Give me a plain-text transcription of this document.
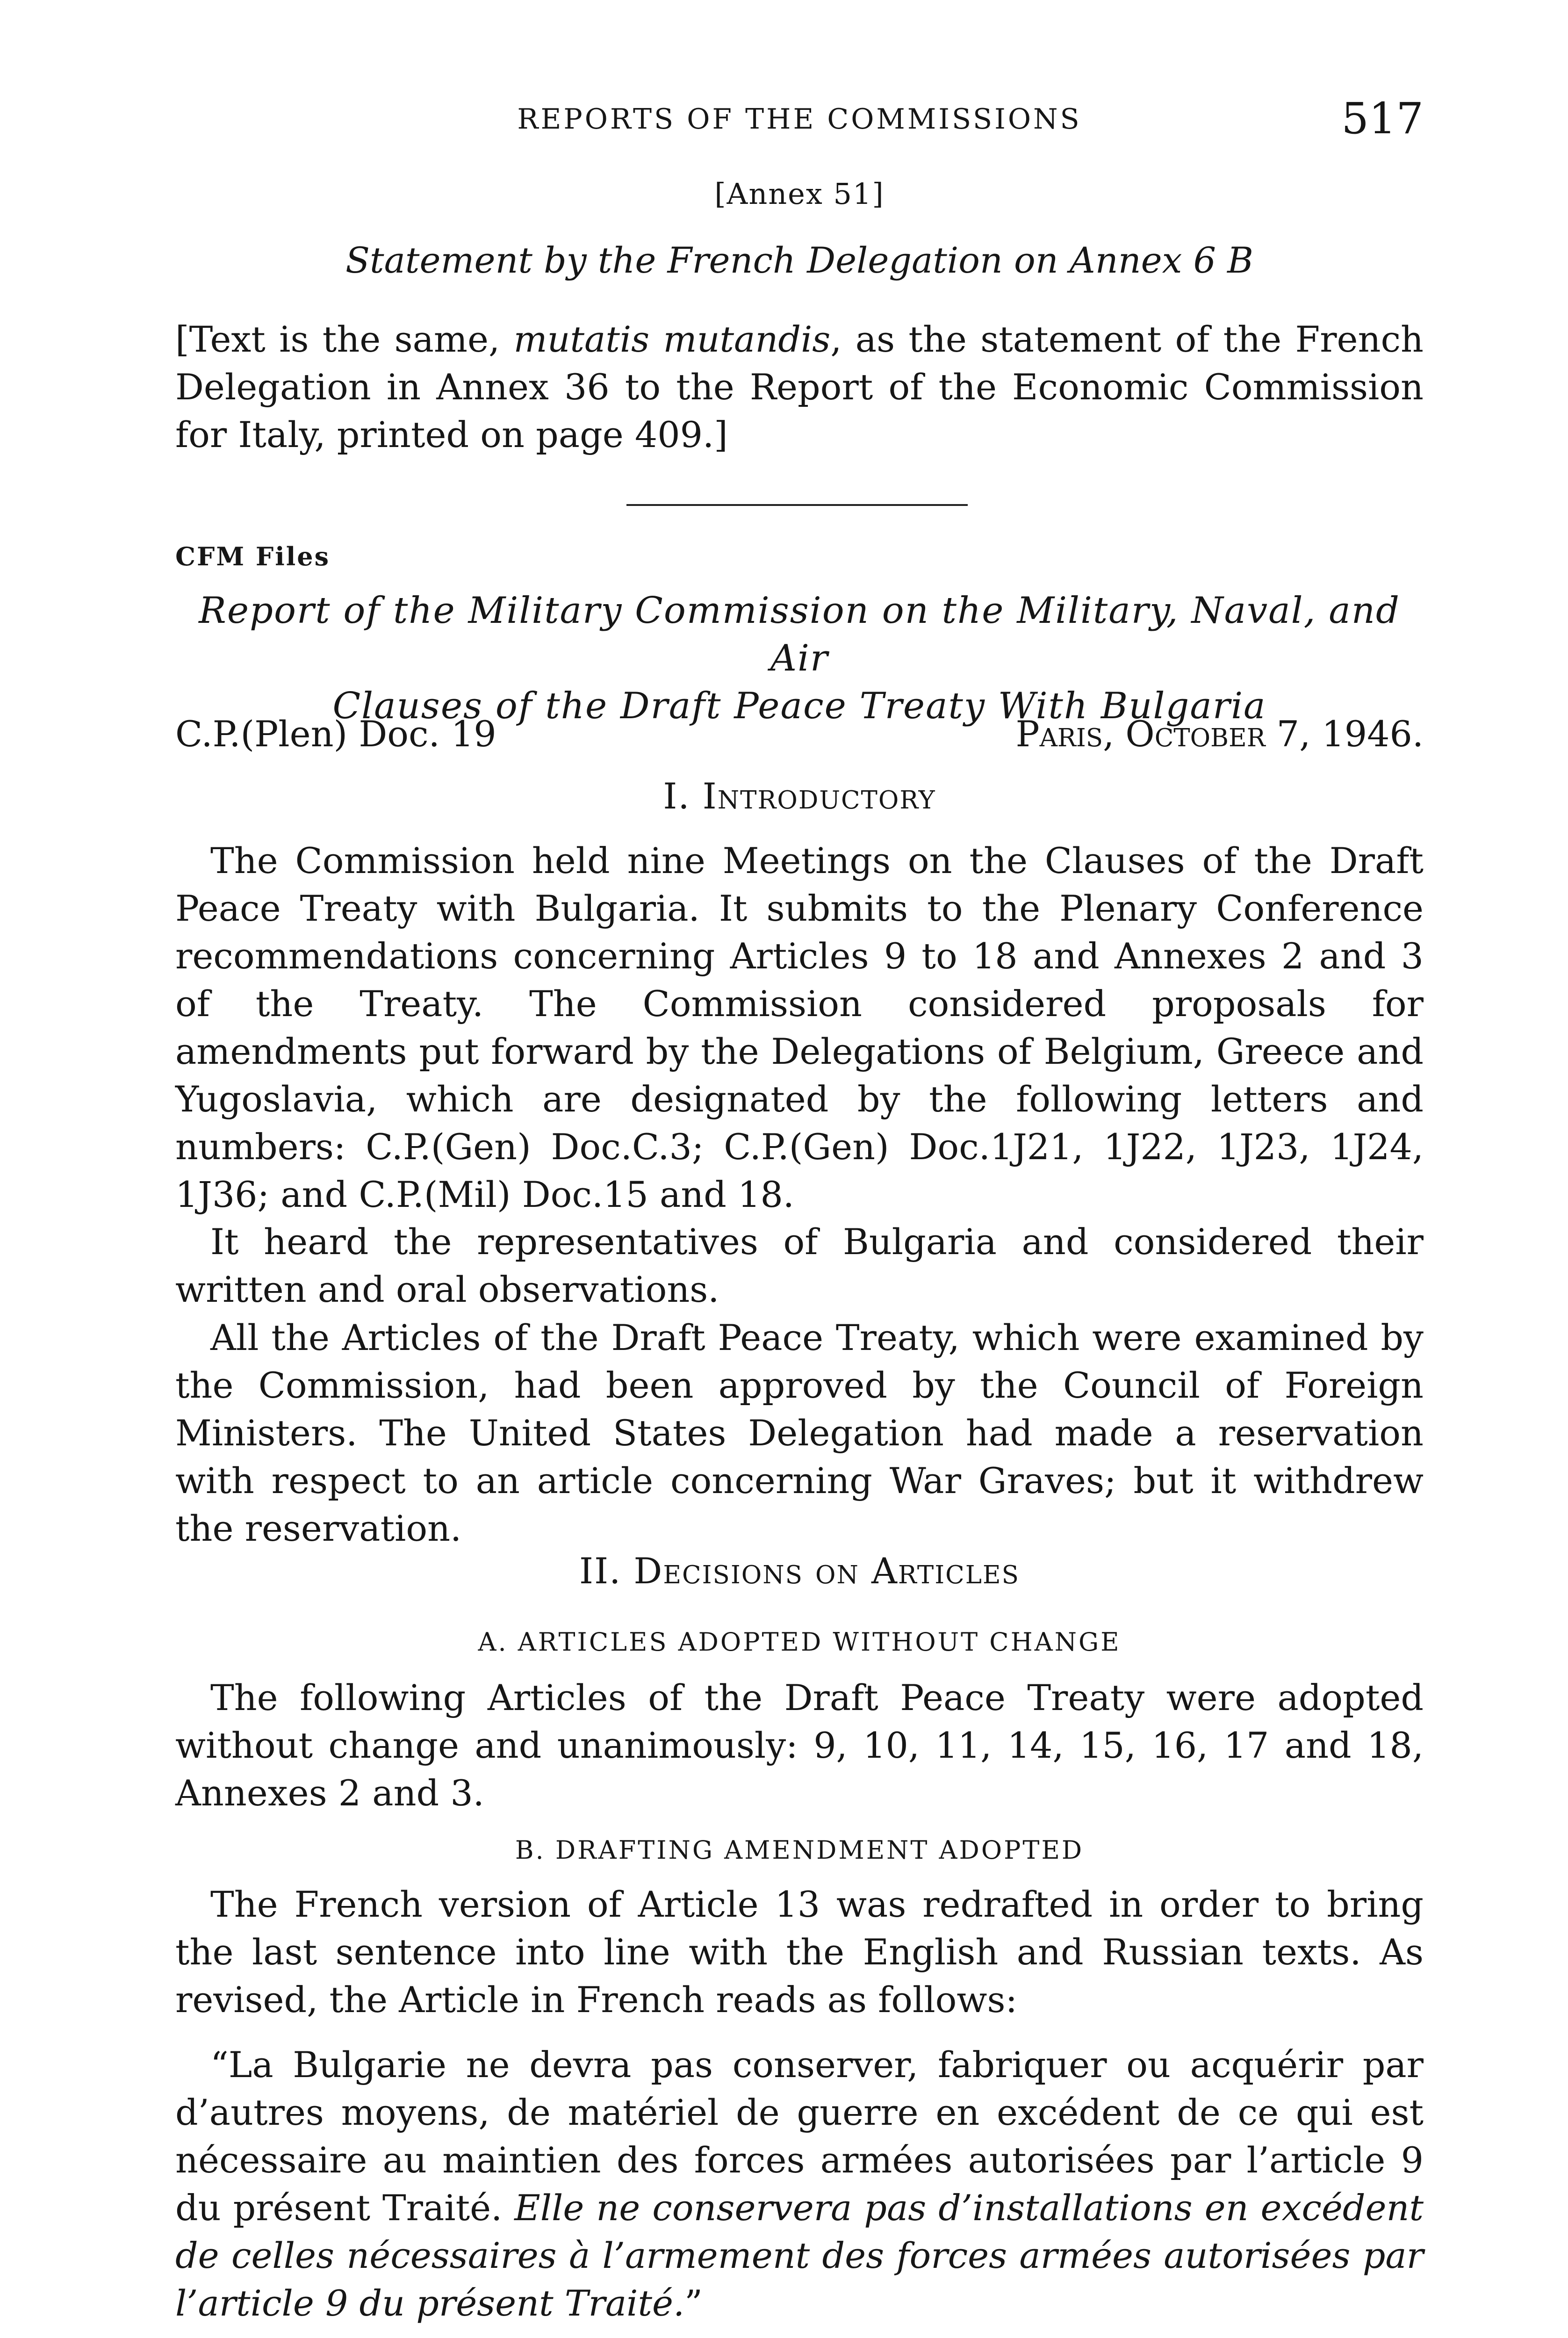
REPORTS OF THE COMMISSIONS	517
[Annex 51]
Statement by the French Delegation on Annex 6 B

[Text is the same, mutatis mutandis, as the statement of the French Delegation in Annex 36 to the Report of the Economic Commission for Italy, printed on page 409.]

CFM Files
Report of the Military Commission on the Military, Naval, and Air
Clauses of the Draft Peace Treaty With Bulgaria
C.P.(Plen) Doc. 19	Paris, October 7, 1946.
I. Introductory

The Commission held nine Meetings on the Clauses of the Draft Peace Treaty with Bulgaria. It submits to the Plenary Conference recommendations concerning Articles 9 to 18 and Annexes 2 and 3 of the Treaty. The Commission considered proposals for amendments put forward by the Delegations of Belgium, Greece and Yugoslavia, which are designated by the following letters and numbers: C.P.(Gen) Doc.C.3; C.P.(Gen) Doc.1J21, 1J22, 1J23, 1J24, 1J36; and C.P.(Mil) Doc.15 and 18.

It heard the representatives of Bulgaria and considered their written and oral observations.

All the Articles of the Draft Peace Treaty, which were examined by the Commission, had been approved by the Council of Foreign Ministers. The United States Delegation had made a reservation with respect to an article concerning War Graves; but it withdrew the reservation.

II. Decisions on Articles
A. ARTICLES ADOPTED WITHOUT CHANGE

The following Articles of the Draft Peace Treaty were adopted without change and unanimously: 9, 10, 11, 14, 15, 16, 17 and 18, Annexes 2 and 3.

B. DRAFTING AMENDMENT ADOPTED

The French version of Article 13 was redrafted in order to bring the last sentence into line with the English and Russian texts. As revised, the Article in French reads as follows:

“La Bulgarie ne devra pas conserver, fabriquer ou acquérir par d’autres moyens, de matériel de guerre en excédent de ce qui est nécessaire au maintien des forces armées autorisées par l’article 9 du présent Traité. Elle ne conservera pas d’installations en excédent de celles nécessaires à l’armement des forces armées autorisées par l’article 9 du présent Traité.”
